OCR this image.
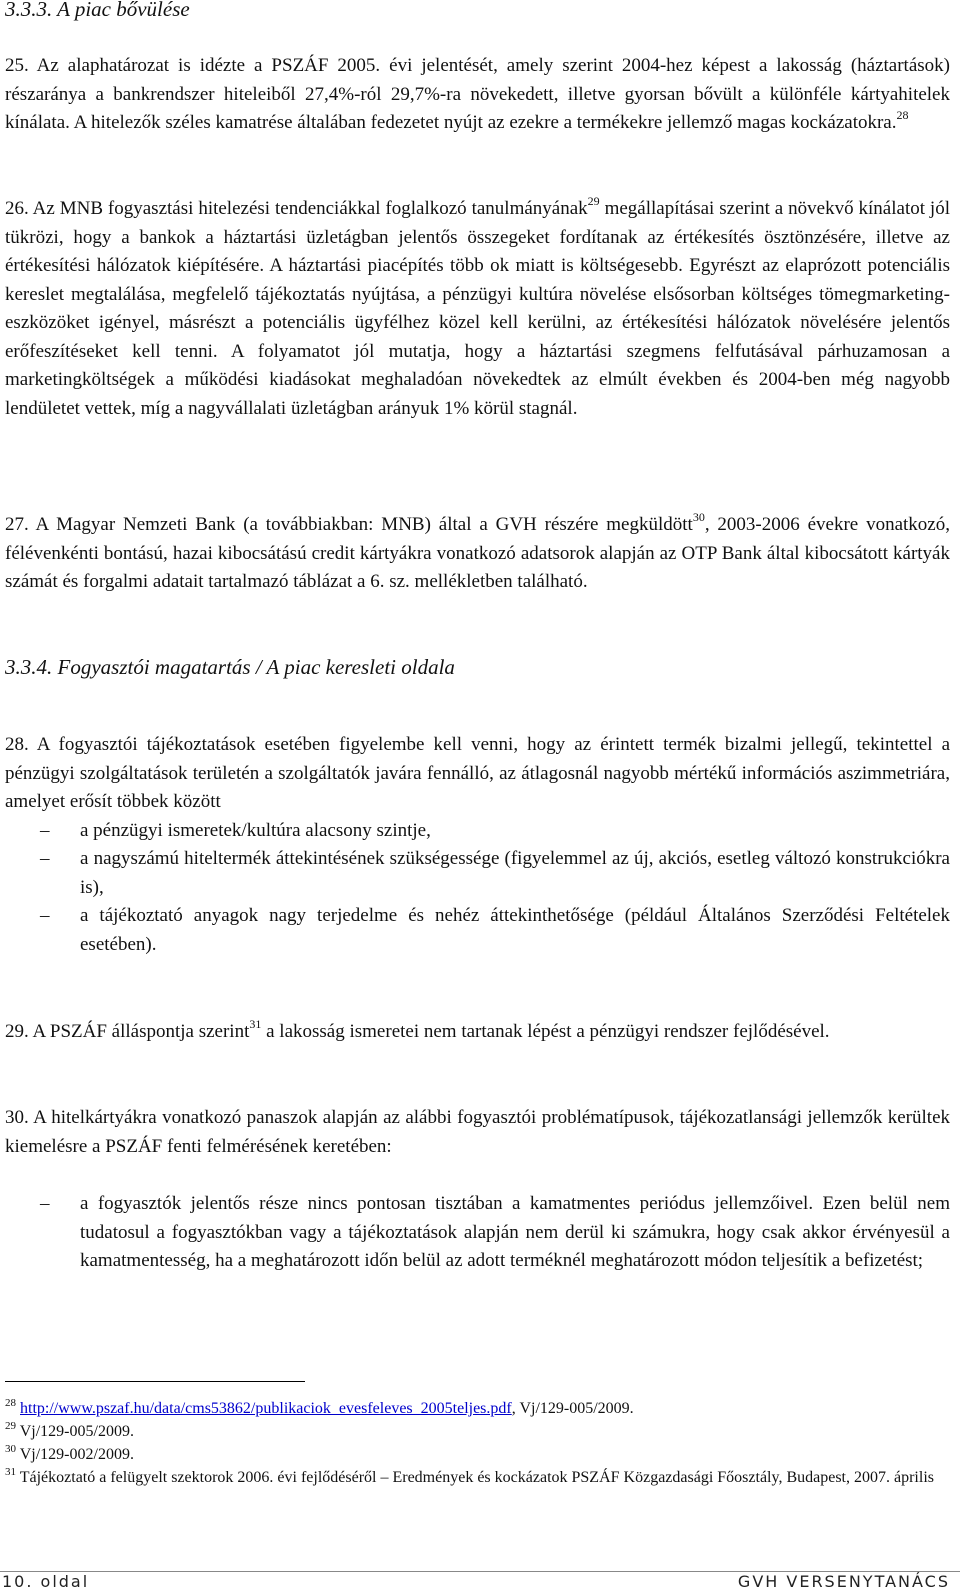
3.3.3. A piac bővülése

25. Az alaphatározat is idézte a PSZÁF 2005. évi jelentését, amely szerint 2004-hez képest a lakosság (háztartások) részaránya a bankrendszer hiteleiből 27,4%-ról 29,7%-ra növekedett, illetve gyorsan bővült a különféle kártyahitelek kínálata. A hitelezők széles kamatrése általában fedezetet nyújt az ezekre a termékekre jellemző magas kockázatokra.$^{28}$

26. Az MNB fogyasztási hitelezési tendenciákkal foglalkozó tanulmányának$^{29}$ megállapításai szerint a növekvő kínálatot jól tükrözi, hogy a bankok a háztartási üzletágban jelentős összegeket fordítanak az értékesítés ösztönzésére, illetve az értékesítési hálózatok kiépítésére. A háztartási piacépítés több ok miatt is költségesebb. Egyrészt az elaprózott potenciális kereslet megtalálása, megfelelő tájékoztatás nyújtása, a pénzügyi kultúra növelése elsősorban költséges tömegmarketing-eszközöket igényel, másrészt a potenciális ügyfélhez közel kell kerülni, az értékesítési hálózatok növelésére jelentős erőfeszítéseket kell tenni. A folyamatot jól mutatja, hogy a háztartási szegmens felfutásával párhuzamosan a marketingköltségek a működési kiadásokat meghaladóan növekedtek az elmúlt években és 2004-ben még nagyobb lendületet vettek, míg a nagyvállalati üzletágban arányuk 1% körül stagnál.

27. A Magyar Nemzeti Bank (a továbbiakban: MNB) által a GVH részére megküldött$^{30}$, 2003-2006 évekre vonatkozó, félévenkénti bontású, hazai kibocsátású credit kártyákra vonatkozó adatsorok alapján az OTP Bank által kibocsátott kártyák számát és forgalmi adatait tartalmazó táblázat a 6. sz. mellékletben található.

3.3.4. Fogyasztói magatartás / A piac keresleti oldala

28. A fogyasztói tájékoztatások esetében figyelembe kell venni, hogy az érintett termék bizalmi jellegű, tekintettel a pénzügyi szolgáltatások területén a szolgáltatók javára fennálló, az átlagosnál nagyobb mértékű információs aszimmetriára, amelyet erősít többek között

– a pénzügyi ismeretek/kultúra alacsony szintje,
– a nagyszámú hiteltermék áttekintésének szükségessége (figyelemmel az új, akciós, esetleg változó konstrukciókra is),
– a tájékoztató anyagok nagy terjedelme és nehéz áttekinthetősége (például Általános Szerződési Feltételek esetében).

29. A PSZÁF álláspontja szerint$^{31}$ a lakosság ismeretei nem tartanak lépést a pénzügyi rendszer fejlődésével.

30. A hitelkártyákra vonatkozó panaszok alapján az alábbi fogyasztói problématípusok, tájékozatlansági jellemzők kerültek kiemelésre a PSZÁF fenti felmérésének keretében:

– a fogyasztók jelentős része nincs pontosan tisztában a kamatmentes periódus jellemzőivel. Ezen belül nem tudatosul a fogyasztókban vagy a tájékoztatások alapján nem derül ki számukra, hogy csak akkor érvényesül a kamatmentesség, ha a meghatározott időn belül az adott terméknél meghatározott módon teljesítik a befizetést;
$^{28}$ http://www.pszaf.hu/data/cms53862/publikaciok_evesfeleves_2005teljes.pdf, Vj/129-005/2009.
$^{29}$ Vj/129-005/2009.
$^{30}$ Vj/129-002/2009.
$^{31}$ Tájékoztató a felügyelt szektorok 2006. évi fejlődéséről – Eredmények és kockázatok PSZÁF Közgazdasági Főosztály, Budapest, 2007. április
10. oldal	GVH VERSENYTANÁCS
